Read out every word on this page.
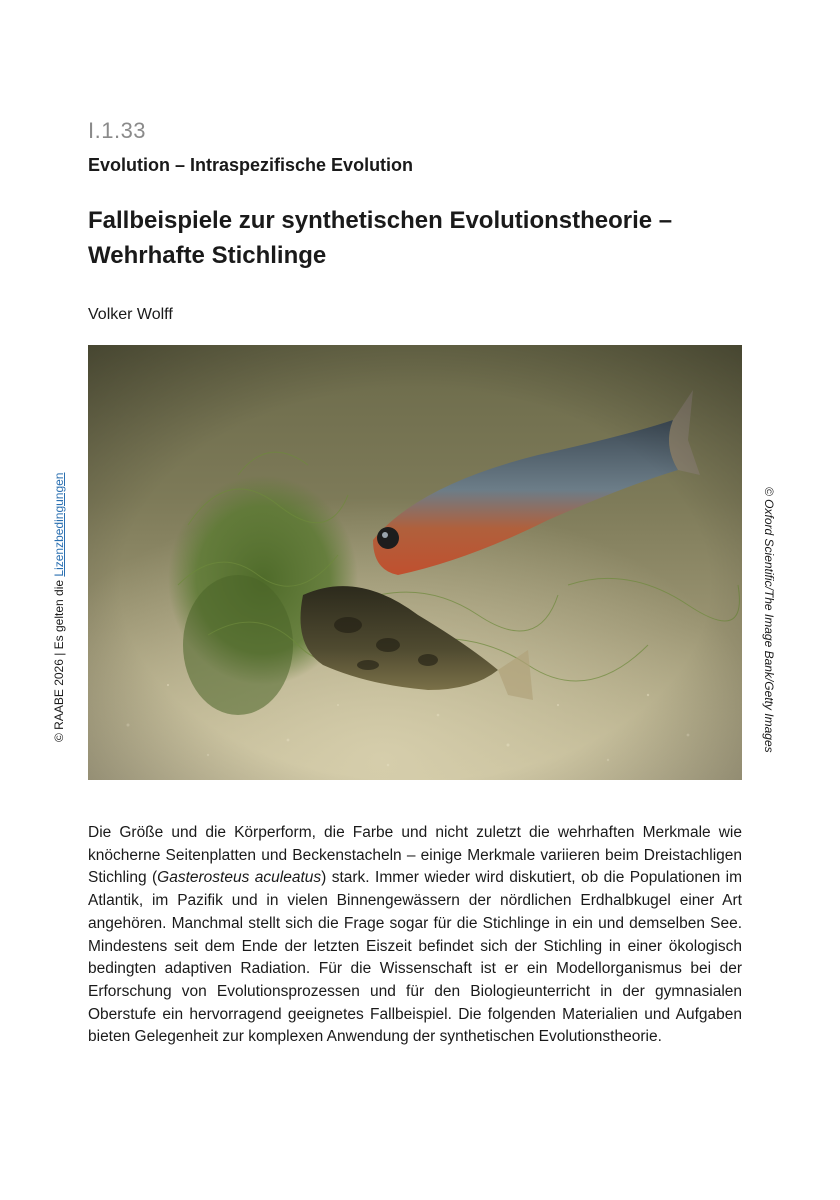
I.1.33
Evolution – Intraspezifische Evolution
Fallbeispiele zur synthetischen Evolutionstheorie – Wehrhafte Stichlinge
Volker Wolff
© RAABE 2026 | Es gelten die Lizenzbedingungen	© Oxford Scientific/The Image Bank/Getty Images

Die Größe und die Körperform, die Farbe und nicht zuletzt die wehrhaften Merkmale wie knöcherne Seitenplatten und Beckenstacheln – einige Merkmale variieren beim Dreistachligen Stichling (Gasterosteus aculeatus) stark. Immer wieder wird diskutiert, ob die Populationen im Atlantik, im Pazifik und in vielen Binnengewässern der nördlichen Erdhalbkugel einer Art angehören. Manchmal stellt sich die Frage sogar für die Stichlinge in ein und demselben See. Mindestens seit dem Ende der letzten Eiszeit befindet sich der Stichling in einer ökologisch bedingten adaptiven Radiation. Für die Wissenschaft ist er ein Modellorganismus bei der Erforschung von Evolutionsprozessen und für den Biologieunterricht in der gymnasialen Oberstufe ein hervorragend geeignetes Fallbeispiel. Die folgenden Materialien und Aufgaben bieten Gelegenheit zur komplexen Anwendung der synthetischen Evolutionstheorie.
